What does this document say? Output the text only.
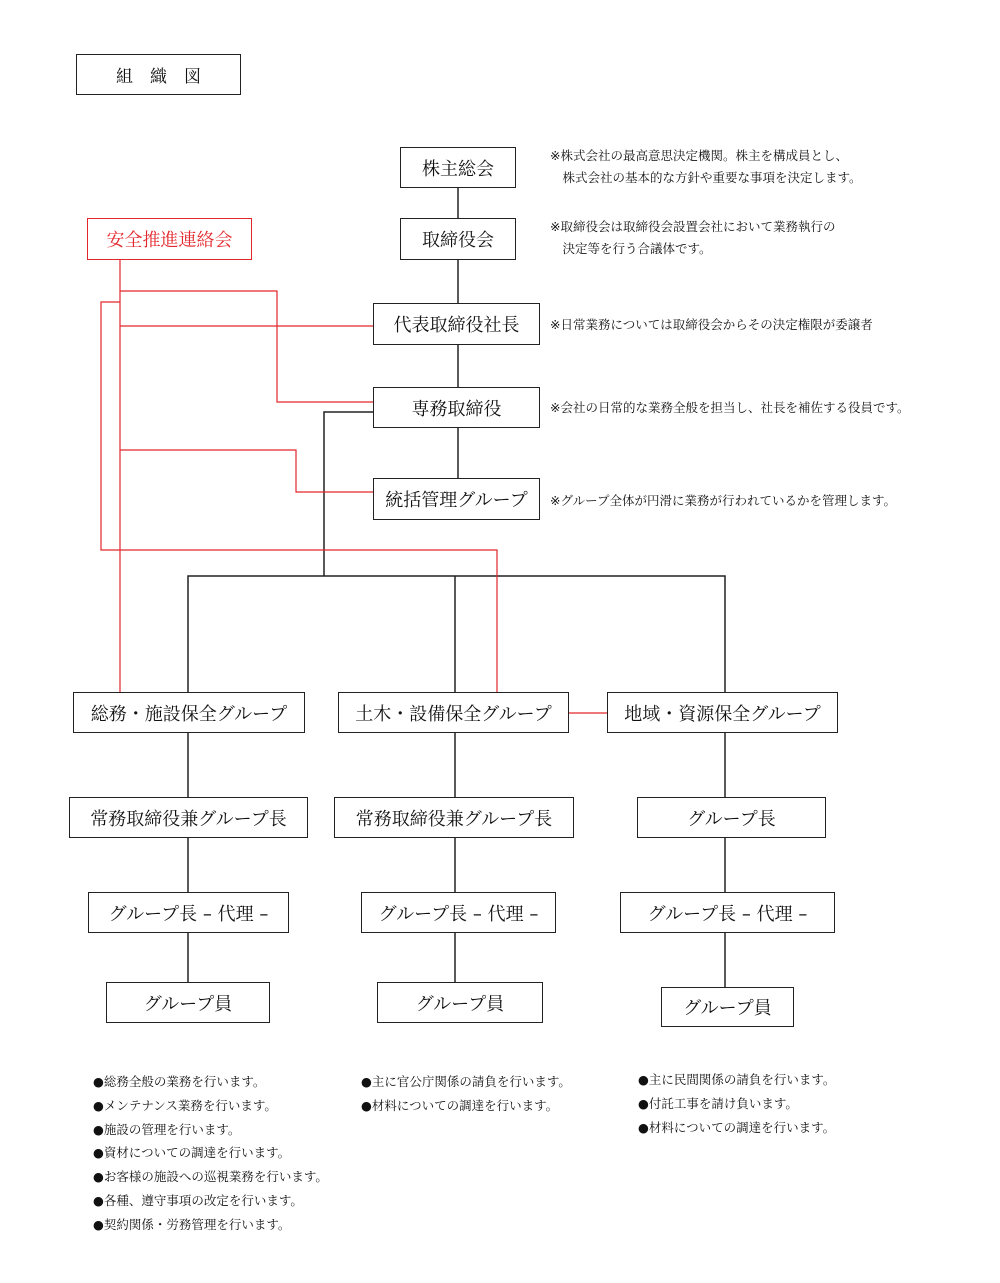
組　織　図
株主総会
取締役会
代表取締役社長
専務取締役
統括管理グループ
安全推進連絡会
※株式会社の最高意思決定機関。株主を構成員とし、
　株式会社の基本的な方針や重要な事項を決定します。
※取締役会は取締役会設置会社において業務執行の
　決定等を行う合議体です。
※日常業務については取締役会からその決定権限が委譲者
※会社の日常的な業務全般を担当し、社長を補佐する役員です。
※グループ全体が円滑に業務が行われているかを管理します。
総務・施設保全グループ
常務取締役兼グループ長
グループ長 – 代理 –
グループ員
土木・設備保全グループ
常務取締役兼グループ長
グループ長 – 代理 –
グループ員
地域・資源保全グループ
グループ長
グループ長 – 代理 –
グループ員
●総務全般の業務を行います。
●メンテナンス業務を行います。
●施設の管理を行います。
●資材についての調達を行います。
●お客様の施設への巡視業務を行います。
●各種、遵守事項の改定を行います。
●契約関係・労務管理を行います。
●主に官公庁関係の請負を行います。
●材料についての調達を行います。
●主に民間関係の請負を行います。
●付託工事を請け負います。
●材料についての調達を行います。
